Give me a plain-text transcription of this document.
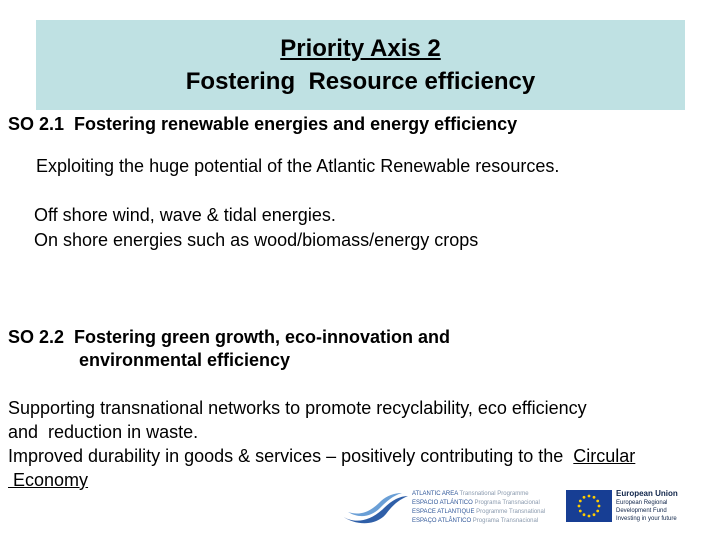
Priority Axis 2
Fostering  Resource efficiency
SO 2.1  Fostering renewable energies and energy efficiency
Exploiting the huge potential of the Atlantic Renewable resources.
Off shore wind, wave & tidal energies.
On shore energies such as wood/biomass/energy crops
SO 2.2  Fostering green growth, eco-innovation and
environmental efficiency
Supporting transnational networks to promote recyclability, eco efficiency
and  reduction in waste.
Improved durability in goods & services – positively contributing to the  Circular
Economy
ATLANTIC AREA Transnational Programme
ESPACIO ATLÁNTICO Programa Transnacional
ESPACE ATLANTIQUE Programme Transnational
ESPAÇO ATLÂNTICO Programa Transnacional
European Union
European Regional
Development Fund
Investing in your future
